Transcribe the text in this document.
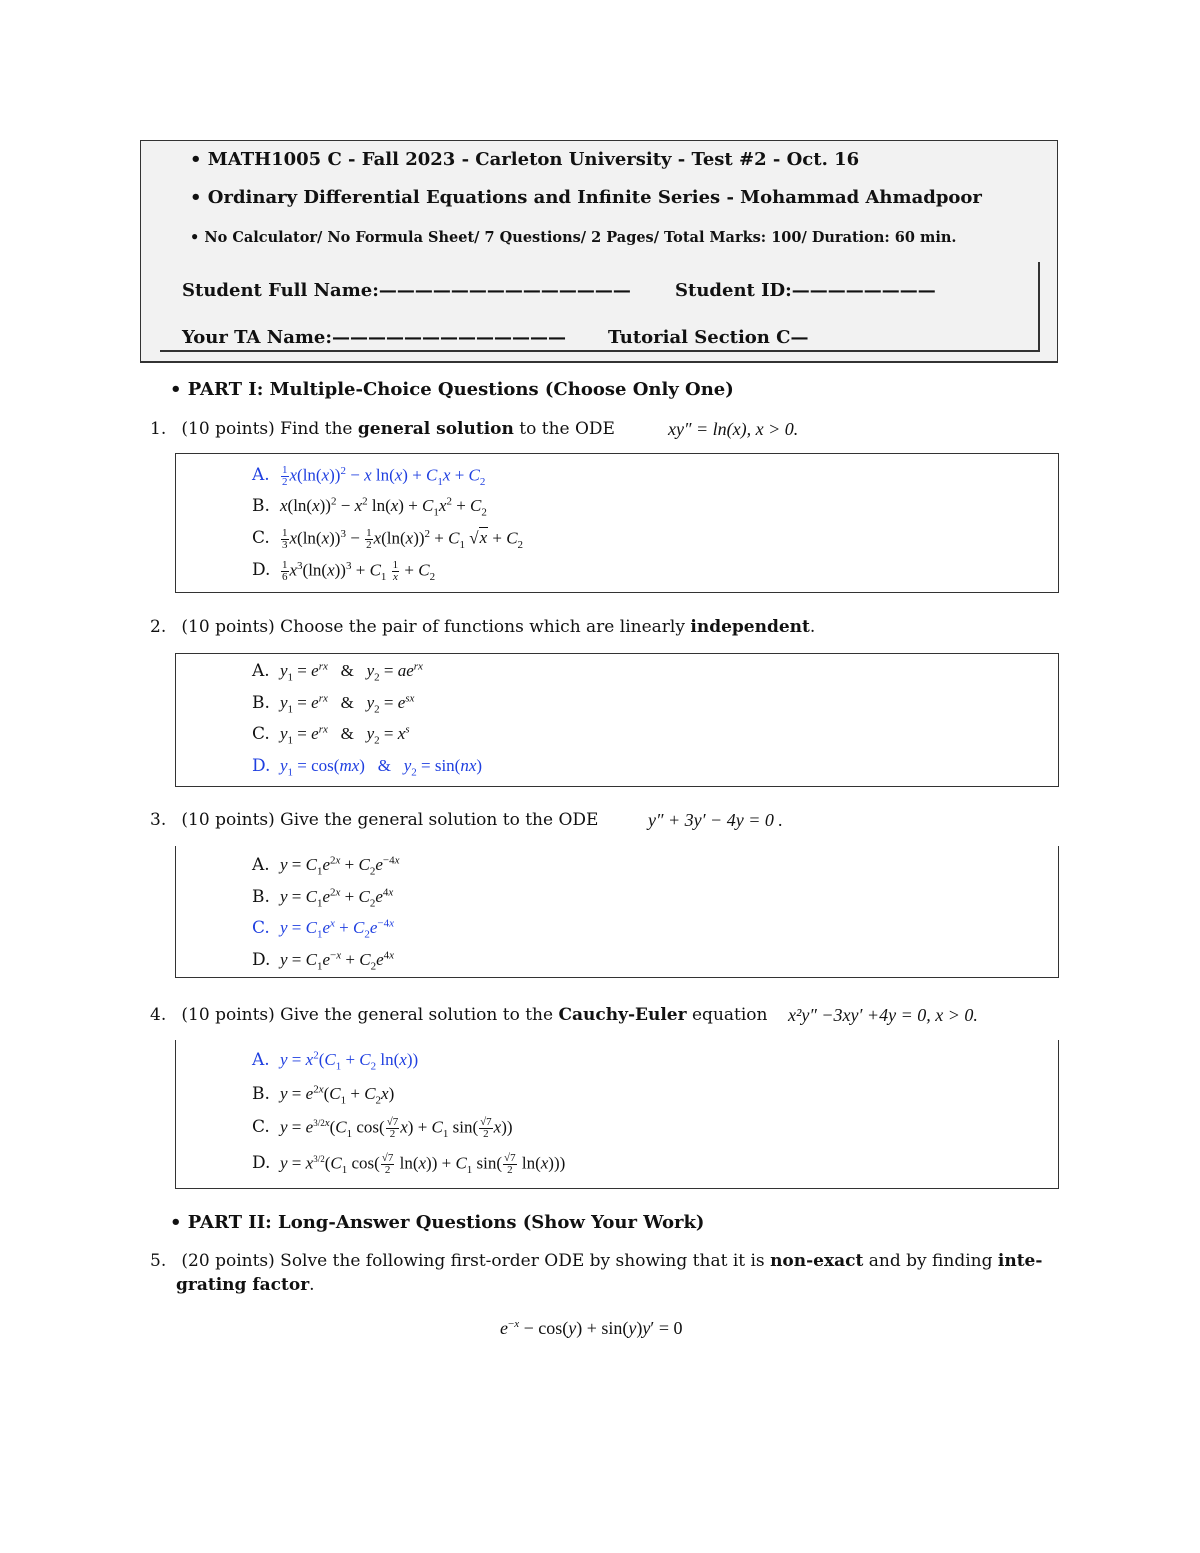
• MATH1005 C - Fall 2023 - Carleton University - Test #2 - Oct. 16
• Ordinary Differential Equations and Infinite Series - Mohammad Ahmadpoor
• No Calculator/ No Formula Sheet/ 7 Questions/ 2 Pages/ Total Marks: 100/ Duration: 60 min.
Student Full Name:—————————————— Student ID:————————
Your TA Name:————————————— Tutorial Section C—
• PART I: Multiple-Choice Questions (Choose Only One)
1. (10 points) Find the general solution to the ODE	xy″ = ln(x), x > 0.
A. $\frac{1}{2} x(\ln(x))^2 - x$ $\ln(x) + C_1x + C_2$
B. $x(\ln(x))^2 - x^2$ $\ln(x) + C_1x^2 + C_2$
C. $\frac{1}{3} x(\ln(x))^3 - \frac{1}{2} x(\ln(x))^2 + C_1$ $√x + C_2$
D. $\frac{1}{6} x^3(\ln(x))^3 + C_1 \frac{1}{x} + C_2$
2. (10 points) Choose the pair of functions which are linearly independent.
A. $y_1 = e^{rx}$   &   $y_2 = ae^{rx}$
B. $y_1 = e^{rx}$   &   $y_2 = e^{sx}$
C. $y_1 = e^{rx}$   &   $y_2 = x^s$
D. $y_1 = \cos(mx)$   &   $y_2 = \sin(nx)$
3. (10 points) Give the general solution to the ODE	y″ + 3y′ − 4y = 0 .
A. $y = C_1e^{2x} + C_2e^{-4x}$
B. $y = C_1e^{2x} + C_2e^{4x}$
C. $y = C_1e^x + C_2e^{-4x}$
D. $y = C_1e^{-x} + C_2e^{4x}$
4. (10 points) Give the general solution to the Cauchy-Euler equation x²y″ −3xy′ +4y = 0, x > 0.
A. $y = x^2(C_1 + C_2$ ln(x))
B. $y = e^{2x}(C_1 + C_2x)$
C. $y = e^{3/2x}(C_1$ $\cos( \frac{√7}{2} x) + C_1$ $\sin( \frac{√7}{2} x)$)
D. $y = x^{3/2}(C_1$ $\cos( \frac{√7}{2} \ln(x)) + C_1$ $\sin( \frac{√7}{2} \ln(x))$)
• PART II: Long-Answer Questions (Show Your Work)
5. (20 points) Solve the following first-order ODE by showing that it is non-exact and by finding inte-
grating factor.
$e^{-x} - \cos(y) + \sin(y)y' = 0$
